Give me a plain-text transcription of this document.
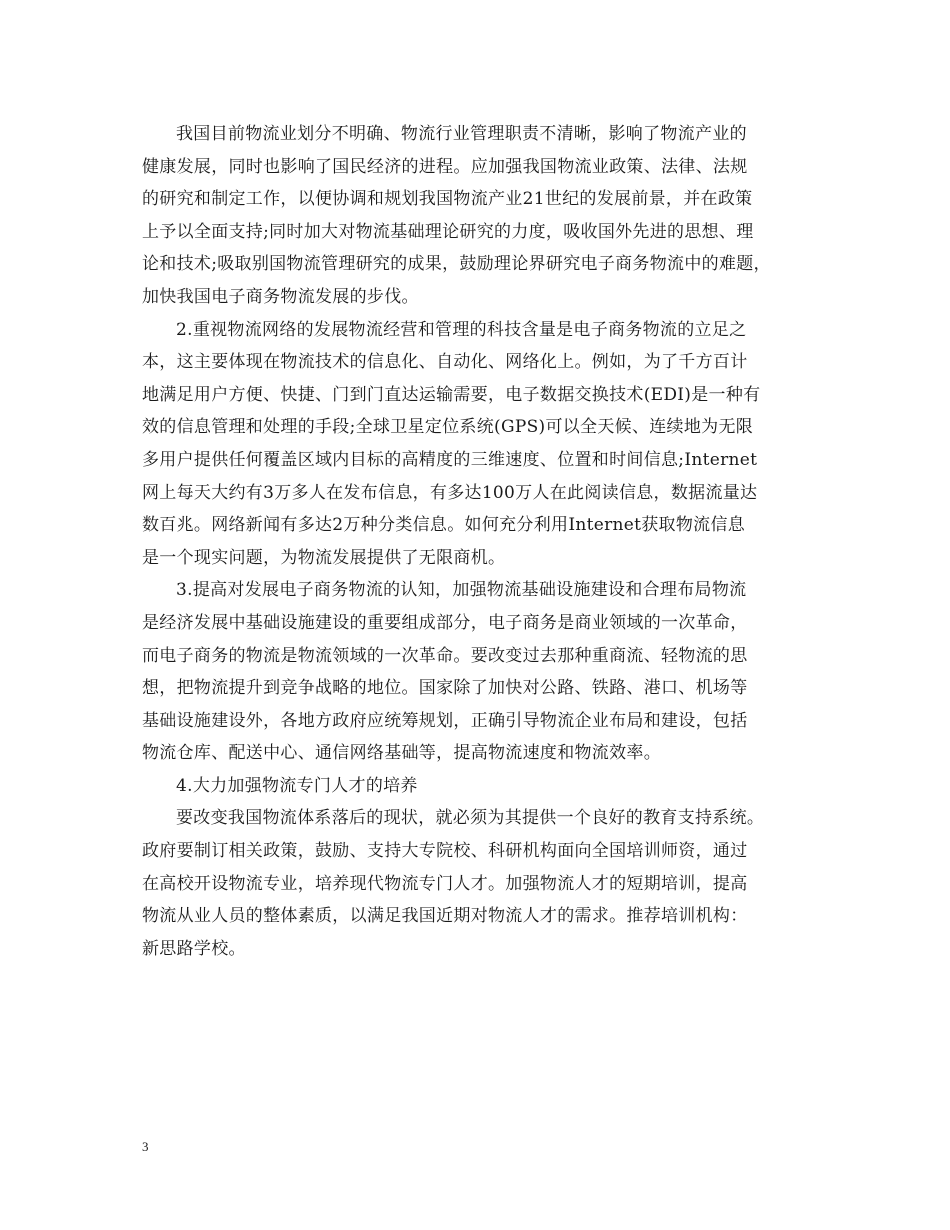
我国目前物流业划分不明确、物流行业管理职责不清晰，影响了物流产业的
健康发展，同时也影响了国民经济的进程。应加强我国物流业政策、法律、法规
的研究和制定工作，以便协调和规划我国物流产业21世纪的发展前景，并在政策
上予以全面支持;同时加大对物流基础理论研究的力度，吸收国外先进的思想、理
论和技术;吸取别国物流管理研究的成果，鼓励理论界研究电子商务物流中的难题，
加快我国电子商务物流发展的步伐。
2.重视物流网络的发展物流经营和管理的科技含量是电子商务物流的立足之
本，这主要体现在物流技术的信息化、自动化、网络化上。例如，为了千方百计
地满足用户方便、快捷、门到门直达运输需要，电子数据交换技术(EDI)是一种有
效的信息管理和处理的手段;全球卫星定位系统(GPS)可以全天候、连续地为无限
多用户提供任何覆盖区域内目标的高精度的三维速度、位置和时间信息;Internet
网上每天大约有3万多人在发布信息，有多达100万人在此阅读信息，数据流量达
数百兆。网络新闻有多达2万种分类信息。如何充分利用Internet获取物流信息
是一个现实问题，为物流发展提供了无限商机。
3.提高对发展电子商务物流的认知，加强物流基础设施建设和合理布局物流
是经济发展中基础设施建设的重要组成部分，电子商务是商业领域的一次革命，
而电子商务的物流是物流领域的一次革命。要改变过去那种重商流、轻物流的思
想，把物流提升到竞争战略的地位。国家除了加快对公路、铁路、港口、机场等
基础设施建设外，各地方政府应统筹规划，正确引导物流企业布局和建设，包括
物流仓库、配送中心、通信网络基础等，提高物流速度和物流效率。
4.大力加强物流专门人才的培养
要改变我国物流体系落后的现状，就必须为其提供一个良好的教育支持系统。
政府要制订相关政策，鼓励、支持大专院校、科研机构面向全国培训师资，通过
在高校开设物流专业，培养现代物流专门人才。加强物流人才的短期培训，提高
物流从业人员的整体素质，以满足我国近期对物流人才的需求。推荐培训机构：
新思路学校。
3
